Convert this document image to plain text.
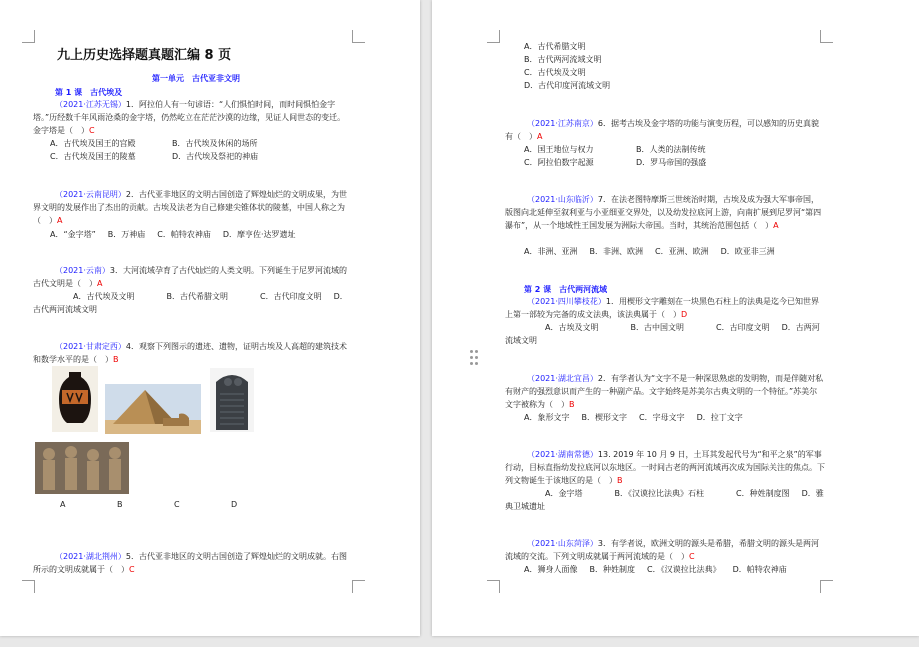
九上历史选择题真题汇编 8 页
第一单元　古代亚非文明
第 1 课　古代埃及
（2021·江苏无锡）1．阿拉伯人有一句谚语：“人们惧怕时间，而时间惧怕金字塔。”历经数千年风雨沧桑的金字塔，仍然屹立在茫茫沙漠的边缘，见证人间世态的变迁。金字塔是（　）C
A．古代埃及国王的宫殿	B．古代埃及休闲的场所
C．古代埃及国王的陵墓	D．古代埃及祭祀的神庙
（2021·云南昆明）2．古代亚非地区的文明古国创造了辉煌灿烂的文明成果，为世界文明的发展作出了杰出的贡献。古埃及法老为自己修建尖锥体状的陵墓，中国人称之为（　）A
A．“金字塔” B．万神庙 C．帕特农神庙 D．摩亨佐·达罗遗址
（2021·云南）3．大河流域孕育了古代灿烂的人类文明。下列诞生于尼罗河流域的古代文明是（　）A
A．古代埃及文明	B．古代希腊文明	C．古代印度文明 D．古代两河流域文明
（2021·甘肃定西）4．观察下列图示的遗迹、遗物，证明古埃及人高超的建筑技术和数学水平的是（　）B
A	B	C	D
（2021·湖北荆州）5．古代亚非地区的文明古国创造了辉煌灿烂的文明成就。右图所示的文明成就属于（　）C
A．古代希腊文明
B．古代两河流域文明
C．古代埃及文明
D．古代印度河流域文明
（2021·江苏南京）6．据考古埃及金字塔的功能与演变历程，可以感知的历史真貌有（　）A
A．国王地位与权力	B．人类的法制传统
C．阿拉伯数字起源	D．罗马帝国的强盛
（2021·山东临沂）7．在法老图特摩斯三世统治时期，古埃及成为强大军事帝国，版图向北延伸至叙利亚与小亚细亚交界处，以及幼发拉底河上游，向南扩展到尼罗河“第四瀑布”，从一个地域性王国发展为洲际大帝国。当时，其统治范围包括（　）A
A．非洲、亚洲 B．非洲、欧洲 C．亚洲、欧洲 D．欧亚非三洲
第 2 课　古代两河流域
（2021·四川攀枝花）1．用楔形文字雕刻在一块黑色石柱上的法典是迄今已知世界上第一部较为完备的成文法典，该法典属于（　）D
A．古埃及文明	B．古中国文明	C．古印度文明 D．古两河流域文明
（2021·湖北宜昌）2．有学者认为“文字不是一种深思熟虑的发明物，而是伴随对私有财产的强烈意识而产生的一种副产品。文字始终是苏美尔古典文明的一个特征。”苏美尔文字被称为（　）B
A．象形文字 B．楔形文字 C．字母文字 D．拉丁文字
（2021·湖南常德）13. 2019 年 10 月 9 日，土耳其发起代号为“和平之泉”的军事行动，目标直指幼发拉底河以东地区。一时间古老的两河流域再次成为国际关注的焦点。下列文物诞生于该地区的是（　）B
A．金字塔	B．《汉谟拉比法典》石柱	C．种姓制度图 D．雅典卫城遗址
（2021·山东菏泽）3．有学者说，欧洲文明的源头是希腊，希腊文明的源头是两河流域的交流。下列文明成就属于两河流域的是（　）C
A．狮身人面像 B．种姓制度 C．《汉谟拉比法典》 D．帕特农神庙
